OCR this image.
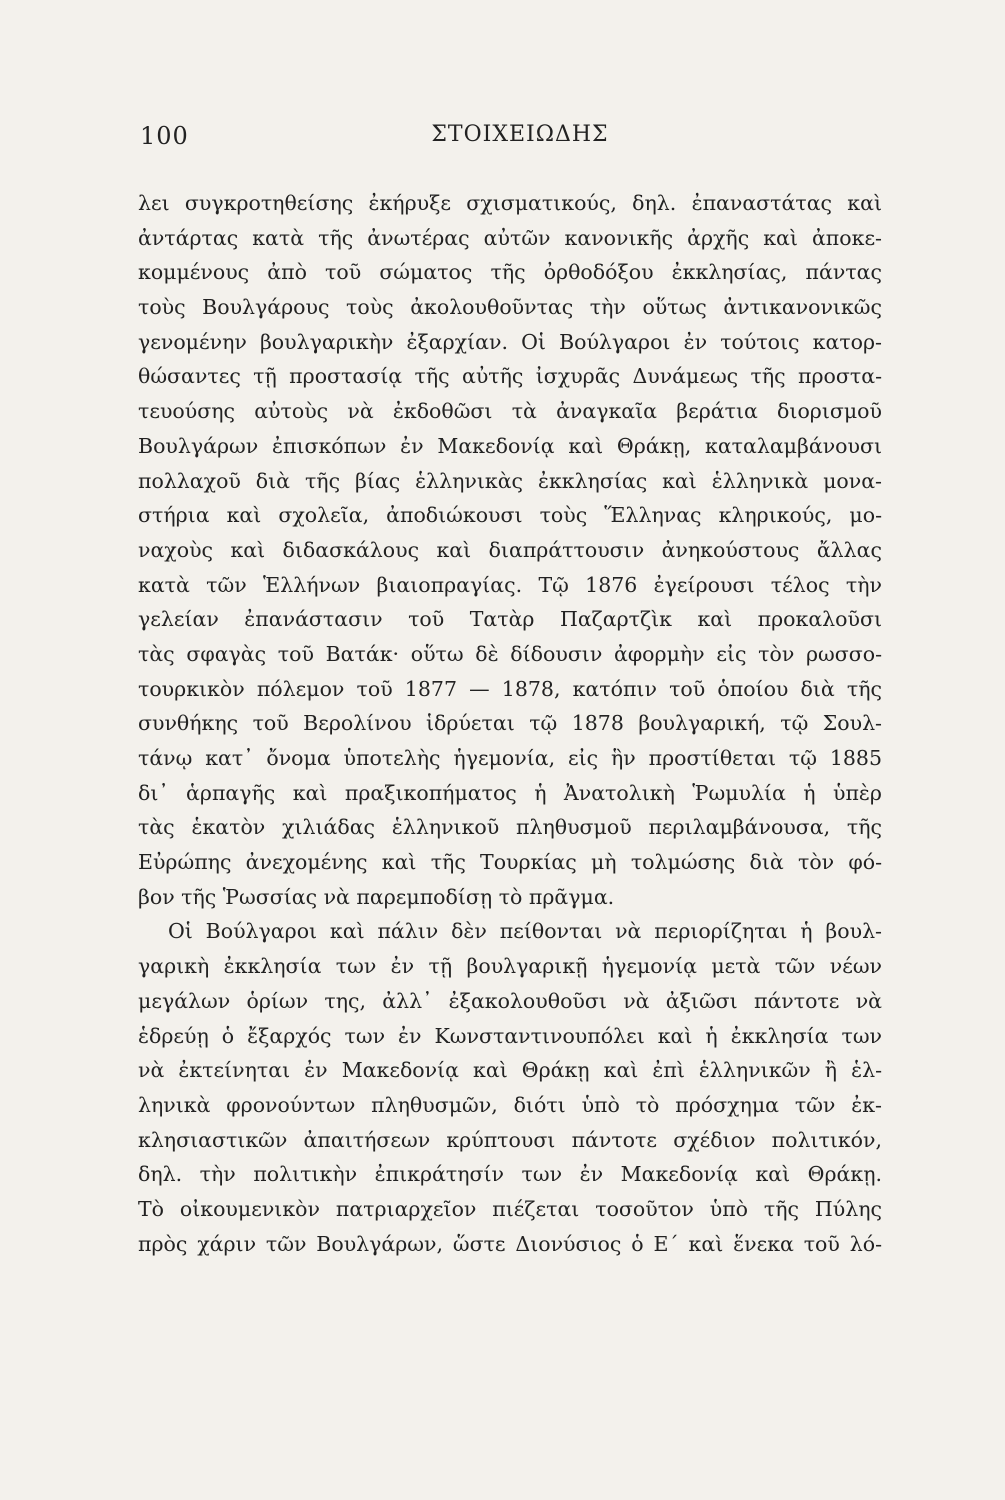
100	ΣΤΟΙΧΕΙΩΔΗΣ
λει συγκροτηθείσης ἐκήρυξε σχισματικούς, δηλ. ἐπαναστάτας καὶ
ἀντάρτας κατὰ τῆς ἀνωτέρας αὐτῶν κανονικῆς ἀρχῆς καὶ ἀποκε-
κομμένους ἀπὸ τοῦ σώματος τῆς ὀρθοδόξου ἐκκλησίας, πάντας
τοὺς Βουλγάρους τοὺς ἀκολουθοῦντας τὴν οὕτως ἀντικανονικῶς
γενομένην βουλγαρικὴν ἐξαρχίαν. Οἱ Βούλγαροι ἐν τούτοις κατορ-
θώσαντες τῇ προστασίᾳ τῆς αὐτῆς ἰσχυρᾶς Δυνάμεως τῆς προστα-
τευούσης αὐτοὺς νὰ ἐκδοθῶσι τὰ ἀναγκαῖα βεράτια διορισμοῦ
Βουλγάρων ἐπισκόπων ἐν Μακεδονίᾳ καὶ Θράκῃ, καταλαμβάνουσι
πολλαχοῦ διὰ τῆς βίας ἑλληνικὰς ἐκκλησίας καὶ ἑλληνικὰ μονα-
στήρια καὶ σχολεῖα, ἀποδιώκουσι τοὺς Ἕλληνας κληρικούς, μο-
ναχοὺς καὶ διδασκάλους καὶ διαπράττουσιν ἀνηκούστους ἄλλας
κατὰ τῶν Ἑλλήνων βιαιοπραγίας. Τῷ 1876 ἐγείρουσι τέλος τὴν
γελείαν ἐπανάστασιν τοῦ Τατὰρ Παζαρτζὶκ καὶ προκαλοῦσι
τὰς σφαγὰς τοῦ Βατάκ· οὕτω δὲ δίδουσιν ἀφορμὴν εἰς τὸν ρωσσο-
τουρκικὸν πόλεμον τοῦ 1877 — 1878, κατόπιν τοῦ ὁποίου διὰ τῆς
συνθήκης τοῦ Βερολίνου ἱδρύεται τῷ 1878 βουλγαρική, τῷ Σουλ-
τάνῳ κατ᾽ ὄνομα ὑποτελὴς ἡγεμονία, εἰς ἣν προστίθεται τῷ 1885
δι᾽ ἁρπαγῆς καὶ πραξικοπήματος ἡ Ἀνατολικὴ Ῥωμυλία ἡ ὑπὲρ
τὰς ἑκατὸν χιλιάδας ἑλληνικοῦ πληθυσμοῦ περιλαμβάνουσα, τῆς
Εὐρώπης ἀνεχομένης καὶ τῆς Τουρκίας μὴ τολμώσης διὰ τὸν φό-
βον τῆς Ῥωσσίας νὰ παρεμποδίσῃ τὸ πρᾶγμα.
Οἱ Βούλγαροι καὶ πάλιν δὲν πείθονται νὰ περιορίζηται ἡ βουλ-
γαρικὴ ἐκκλησία των ἐν τῇ βουλγαρικῇ ἡγεμονίᾳ μετὰ τῶν νέων
μεγάλων ὁρίων της, ἀλλ᾽ ἐξακολουθοῦσι νὰ ἀξιῶσι πάντοτε νὰ
ἑδρεύῃ ὁ ἔξαρχός των ἐν Κωνσταντινουπόλει καὶ ἡ ἐκκλησία των
νὰ ἐκτείνηται ἐν Μακεδονίᾳ καὶ Θράκῃ καὶ ἐπὶ ἑλληνικῶν ἢ ἑλ-
ληνικὰ φρονούντων πληθυσμῶν, διότι ὑπὸ τὸ πρόσχημα τῶν ἐκ-
κλησιαστικῶν ἀπαιτήσεων κρύπτουσι πάντοτε σχέδιον πολιτικόν,
δηλ. τὴν πολιτικὴν ἐπικράτησίν των ἐν Μακεδονίᾳ καὶ Θράκῃ.
Τὸ οἰκουμενικὸν πατριαρχεῖον πιέζεται τοσοῦτον ὑπὸ τῆς Πύλης
πρὸς χάριν τῶν Βουλγάρων, ὥστε Διονύσιος ὁ Ε΄ καὶ ἕνεκα τοῦ λό-
